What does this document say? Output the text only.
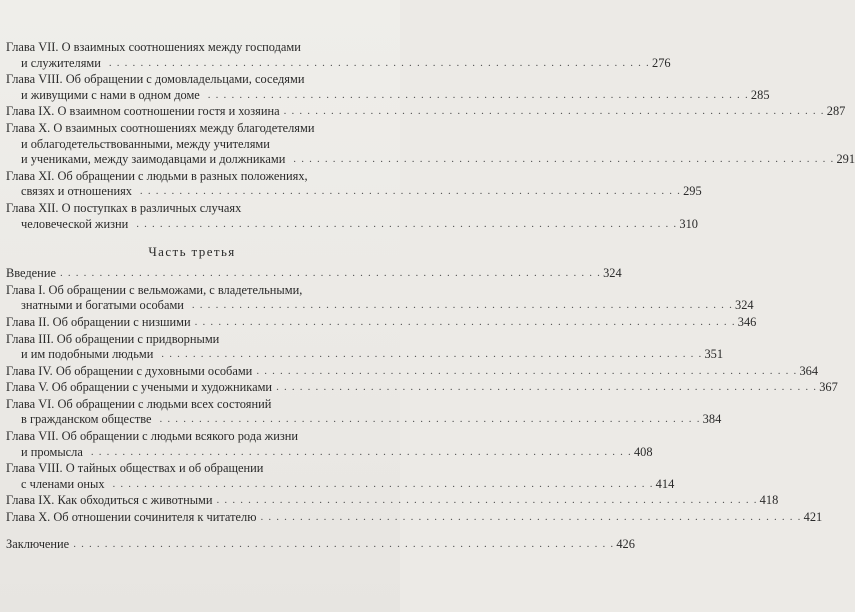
Глава VII. О взаимных соотношениях между господами
и служителями . . .	276
Глава VIII. Об обращении с домовладельцами, соседями
и живущими с нами в одном доме . . .	285
Глава IX. О взаимном соотношении гостя и хозяина . . .	287
Глава X. О взаимных соотношениях между благодетелями
и облагодетельствованными, между учителями
и учениками, между заимодавцами и должниками . . .	291
Глава XI. Об обращении с людьми в разных положениях,
связях и отношениях . . .	295
Глава XII. О поступках в различных случаях
человеческой жизни . . .	310
Часть третья
Введение . . .	324
Глава I. Об обращении с вельможами, с владетельными,
знатными и богатыми особами . . .	324
Глава II. Об обращении с низшими . . .	346
Глава III. Об обращении с придворными
и им подобными людьми . . .	351
Глава IV. Об обращении с духовными особами . . .	364
Глава V. Об обращении с учеными и художниками . . .	367
Глава VI. Об обращении с людьми всех состояний
в гражданском обществе . . .	384
Глава VII. Об обращении с людьми всякого рода жизни
и промысла . . .	408
Глава VIII. О тайных обществах и об обращении
с членами оных . . .	414
Глава IX. Как обходиться с животными . . .	418
Глава X. Об отношении сочинителя к читателю . . .	421
Заключение . . .	426
